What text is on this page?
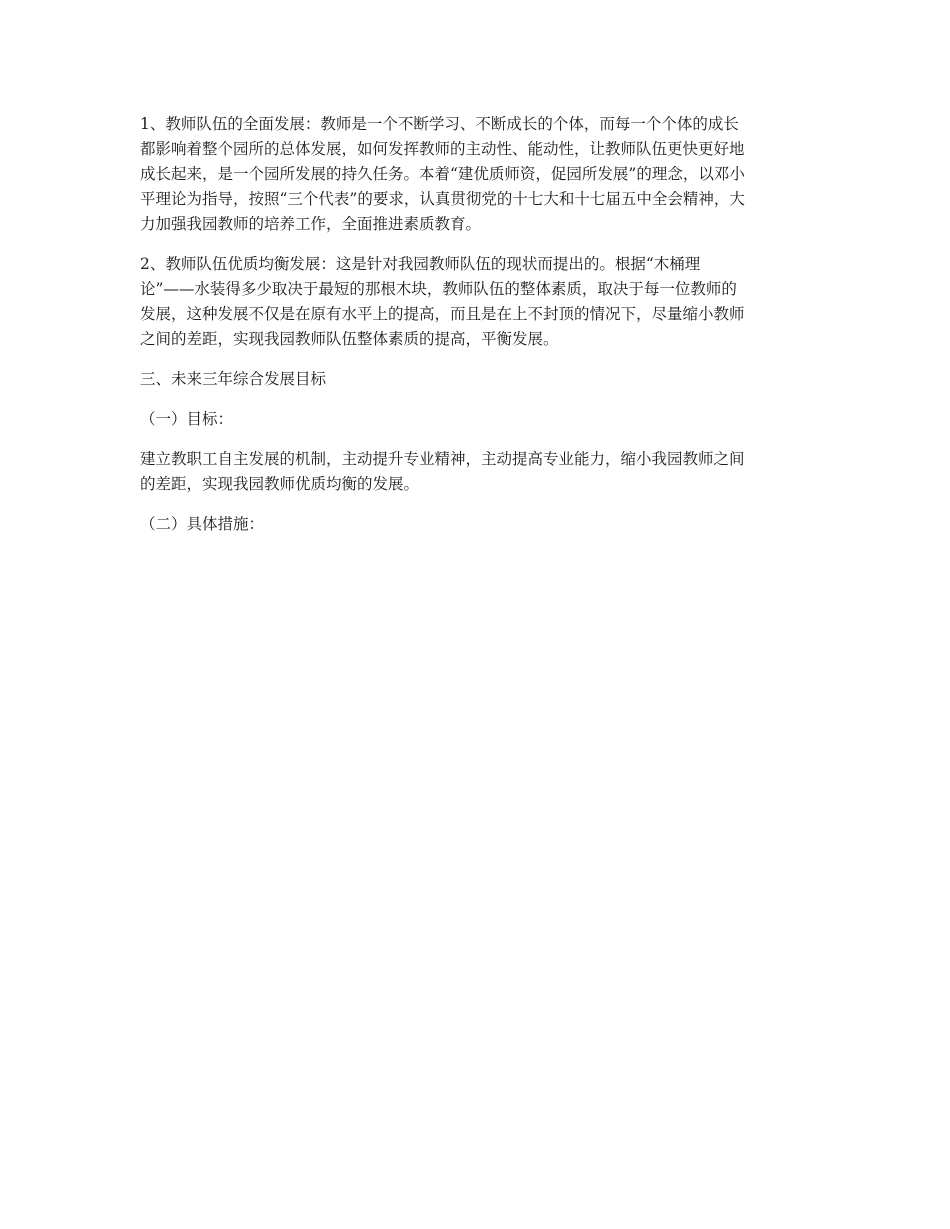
1、教师队伍的全面发展：教师是一个不断学习、不断成长的个体，而每一个个体的成长
都影响着整个园所的总体发展，如何发挥教师的主动性、能动性，让教师队伍更快更好地
成长起来，是一个园所发展的持久任务。本着“建优质师资，促园所发展”的理念，以邓小
平理论为指导，按照“三个代表”的要求，认真贯彻党的十七大和十七届五中全会精神，大
力加强我园教师的培养工作，全面推进素质教育。

2、教师队伍优质均衡发展：这是针对我园教师队伍的现状而提出的。根据“木桶理
论”——水装得多少取决于最短的那根木块，教师队伍的整体素质，取决于每一位教师的
发展，这种发展不仅是在原有水平上的提高，而且是在上不封顶的情况下，尽量缩小教师
之间的差距，实现我园教师队伍整体素质的提高，平衡发展。

三、未来三年综合发展目标

（一）目标：

建立教职工自主发展的机制，主动提升专业精神，主动提高专业能力，缩小我园教师之间
的差距，实现我园教师优质均衡的发展。

（二）具体措施：
